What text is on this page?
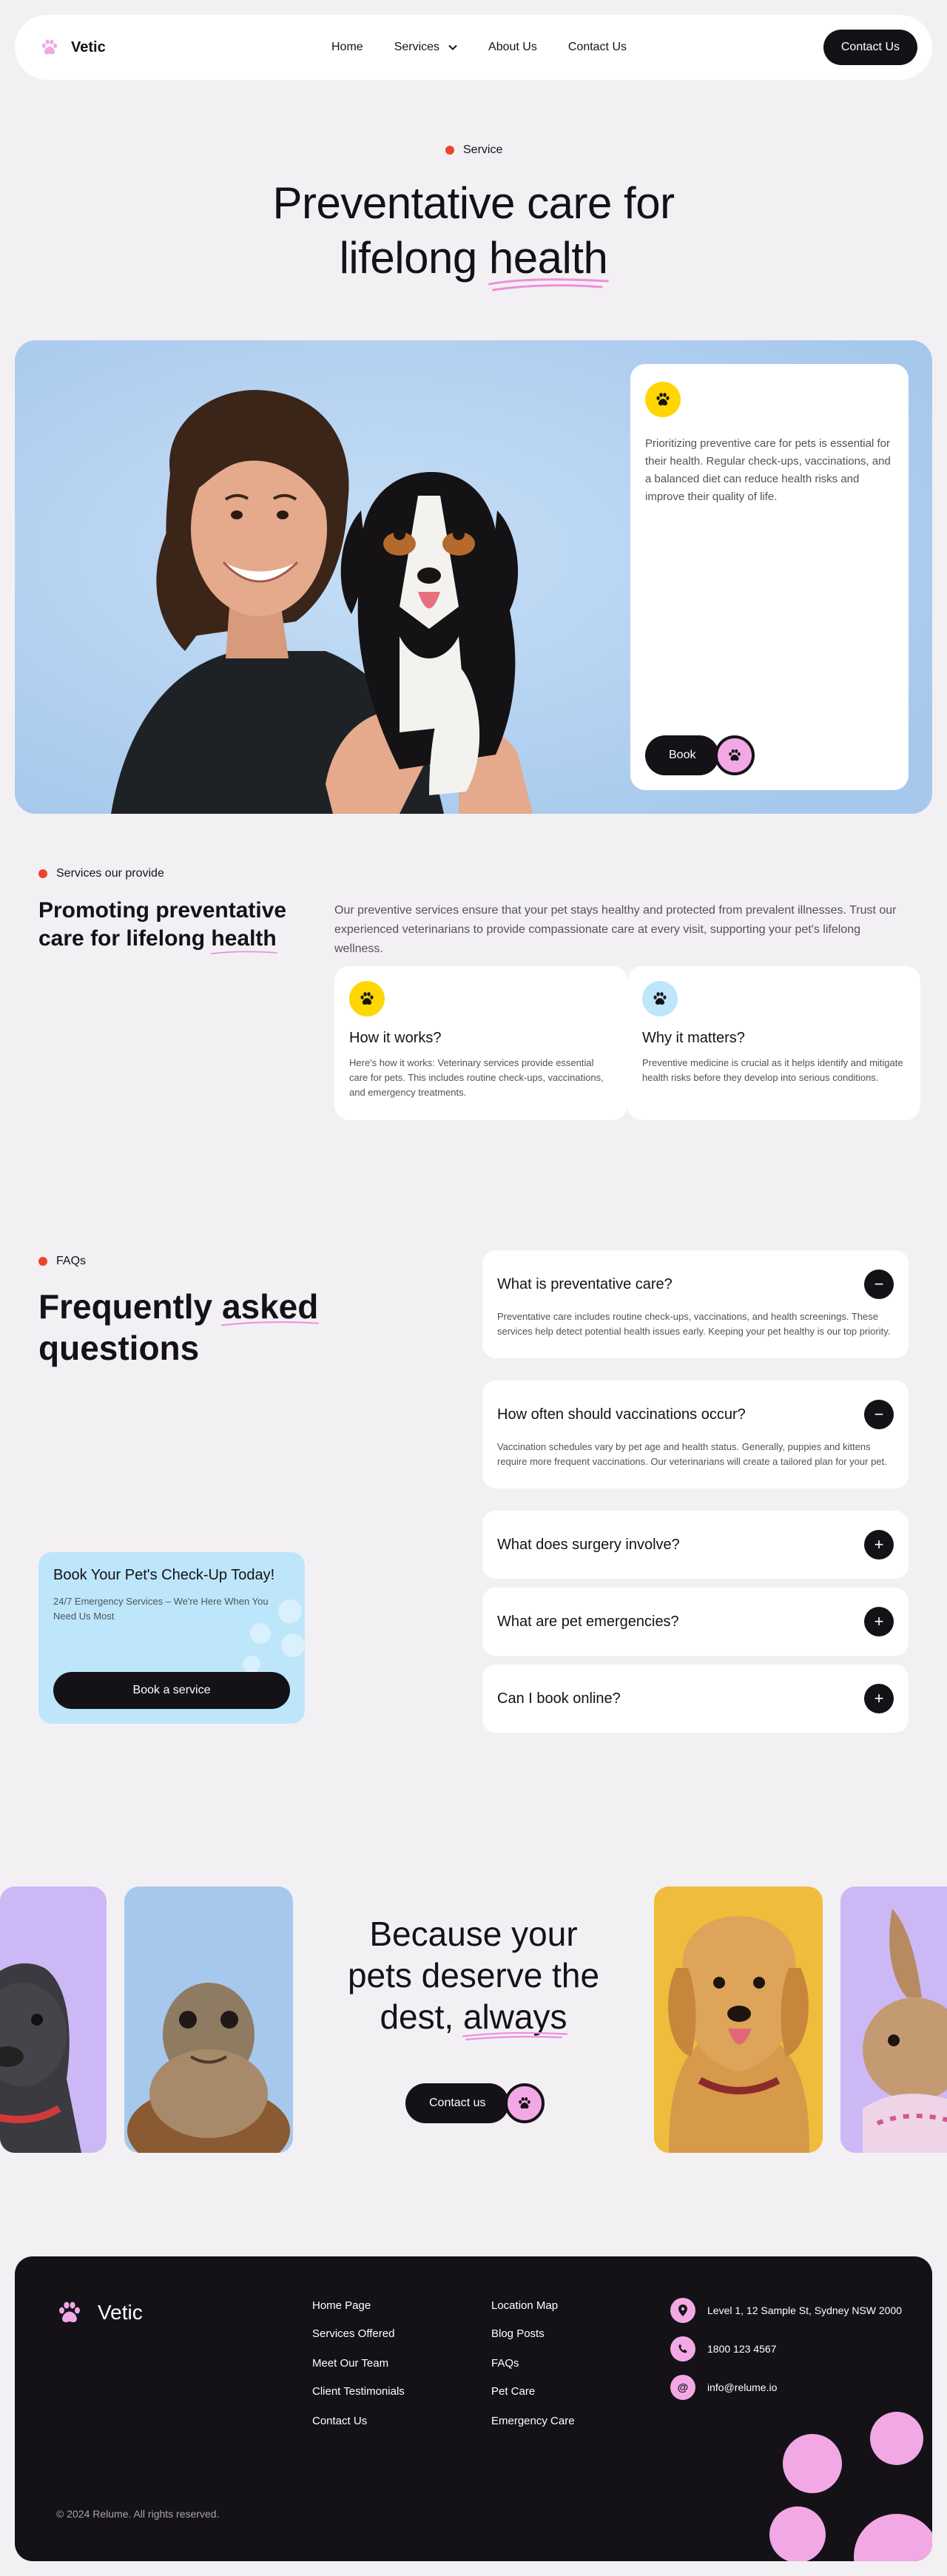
Vetic	Home	Services	About Us	Contact Us	Contact Us
Service
Preventative care for
lifelong health

Prioritizing preventive care for pets is essential for their health. Regular check-ups, vaccinations, and a balanced diet can reduce health risks and improve their quality of life.

Book
Services our provide
Promoting preventative care for lifelong health

Our preventive services ensure that your pet stays healthy and protected from prevalent illnesses. Trust our experienced veterinarians to provide compassionate care at every visit, supporting your pet's lifelong wellness.

How it works?

Here's how it works: Veterinary services provide essential care for pets. This includes routine check-ups, vaccinations, and emergency treatments.

Why it matters?

Preventive medicine is crucial as it helps identify and mitigate health risks before they develop into serious conditions.

FAQs
Frequently asked

questions
What is preventative care?	−

Preventative care includes routine check-ups, vaccinations, and health screenings. These services help detect potential health issues early. Keeping your pet healthy is our top priority.

How often should vaccinations occur?	−

Vaccination schedules vary by pet age and health status. Generally, puppies and kittens require more frequent vaccinations. Our veterinarians will create a tailored plan for your pet.

What does surgery involve?	+
What are pet emergencies?	+
Can I book online?	+
Book Your Pet's Check-Up Today!

24/7 Emergency Services – We're Here When You Need Us Most

Book a service
Because your
pets deserve the
dest, always
Contact us
Vetic	Home Page
Services Offered
Meet Our Team
Client Testimonials
Contact Us
Location Map
Blog Posts
FAQs
Pet Care
Emergency Care
Level 1, 12 Sample St, Sydney NSW 2000
1800 123 4567
@	info@relume.io
© 2024 Relume. All rights reserved.
